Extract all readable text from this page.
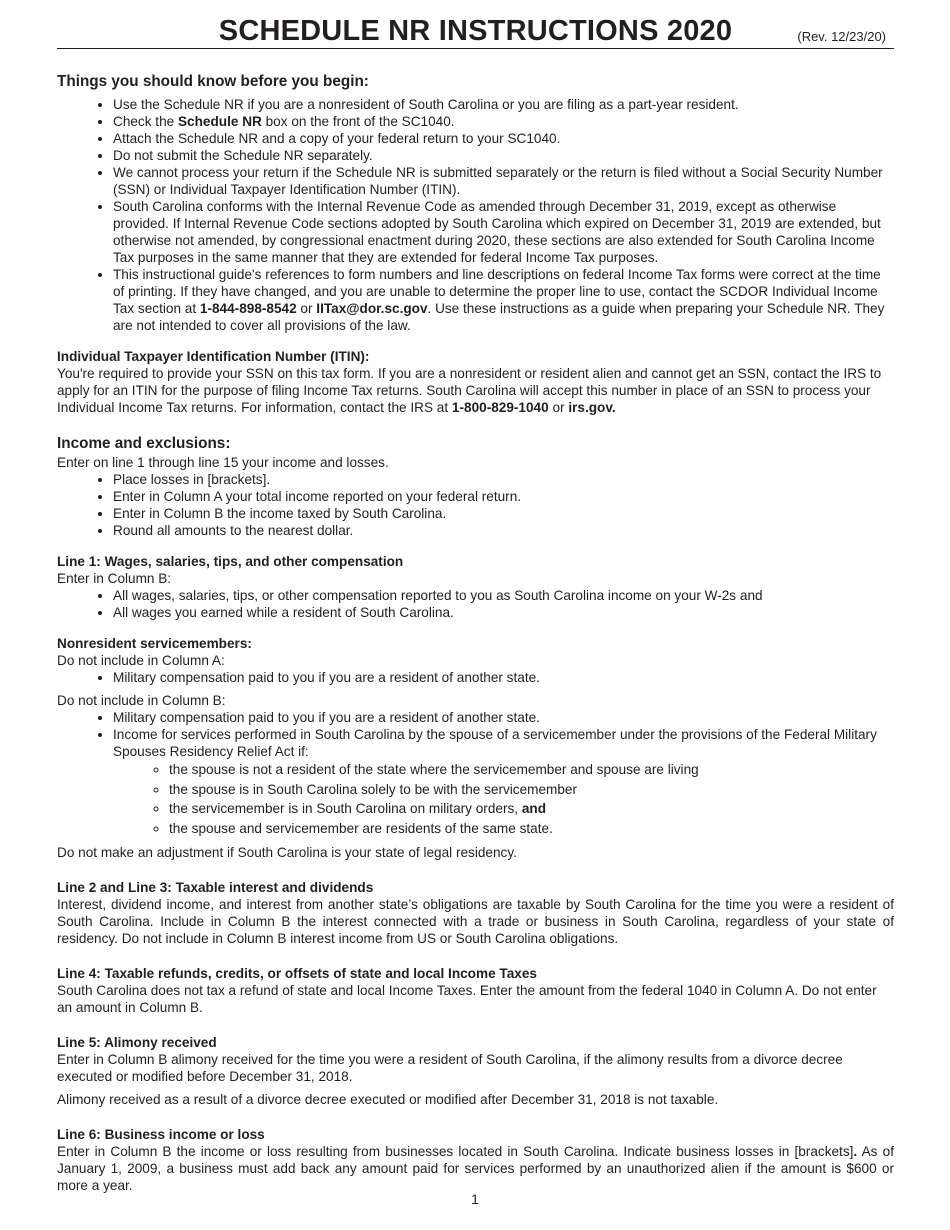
SCHEDULE NR INSTRUCTIONS 2020	(Rev. 12/23/20)
Things you should know before you begin:
• Use the Schedule NR if you are a nonresident of South Carolina or you are filing as a part-year resident.
• Check the Schedule NR box on the front of the SC1040.
• Attach the Schedule NR and a copy of your federal return to your SC1040.
• Do not submit the Schedule NR separately.
• We cannot process your return if the Schedule NR is submitted separately or the return is filed without a Social Security Number (SSN) or Individual Taxpayer Identification Number (ITIN).
• South Carolina conforms with the Internal Revenue Code as amended through December 31, 2019, except as otherwise provided. If Internal Revenue Code sections adopted by South Carolina which expired on December 31, 2019 are extended, but otherwise not amended, by congressional enactment during 2020, these sections are also extended for South Carolina Income Tax purposes in the same manner that they are extended for federal Income Tax purposes.
• This instructional guide's references to form numbers and line descriptions on federal Income Tax forms were correct at the time of printing. If they have changed, and you are unable to determine the proper line to use, contact the SCDOR Individual Income Tax section at 1-844-898-8542 or IITax@dor.sc.gov. Use these instructions as a guide when preparing your Schedule NR. They are not intended to cover all provisions of the law.
Individual Taxpayer Identification Number (ITIN):

You're required to provide your SSN on this tax form. If you are a nonresident or resident alien and cannot get an SSN, contact the IRS to apply for an ITIN for the purpose of filing Income Tax returns. South Carolina will accept this number in place of an SSN to process your Individual Income Tax returns. For information, contact the IRS at 1-800-829-1040 or irs.gov.

Income and exclusions:

Enter on line 1 through line 15 your income and losses.

• Place losses in [brackets].
• Enter in Column A your total income reported on your federal return.
• Enter in Column B the income taxed by South Carolina.
• Round all amounts to the nearest dollar.
Line 1: Wages, salaries, tips, and other compensation

Enter in Column B:

• All wages, salaries, tips, or other compensation reported to you as South Carolina income on your W-2s and
• All wages you earned while a resident of South Carolina.
Nonresident servicemembers:

Do not include in Column A:

• Military compensation paid to you if you are a resident of another state.

Do not include in Column B:

• Military compensation paid to you if you are a resident of another state.
• Income for services performed in South Carolina by the spouse of a servicemember under the provisions of the Federal Military Spouses Residency Relief Act if:
◦ the spouse is not a resident of the state where the servicemember and spouse are living
◦ the spouse is in South Carolina solely to be with the servicemember
◦ the servicemember is in South Carolina on military orders, and
◦ the spouse and servicemember are residents of the same state.

Do not make an adjustment if South Carolina is your state of legal residency.

Line 2 and Line 3: Taxable interest and dividends

Interest, dividend income, and interest from another state’s obligations are taxable by South Carolina for the time you were a resident of South Carolina. Include in Column B the interest connected with a trade or business in South Carolina, regardless of your state of residency. Do not include in Column B interest income from US or South Carolina obligations.

Line 4: Taxable refunds, credits, or offsets of state and local Income Taxes

South Carolina does not tax a refund of state and local Income Taxes. Enter the amount from the federal 1040 in Column A. Do not enter an amount in Column B.

Line 5: Alimony received

Enter in Column B alimony received for the time you were a resident of South Carolina, if the alimony results from a divorce decree executed or modified before December 31, 2018.

Alimony received as a result of a divorce decree executed or modified after December 31, 2018 is not taxable.

Line 6: Business income or loss

Enter in Column B the income or loss resulting from businesses located in South Carolina. Indicate business losses in [brackets]. As of January 1, 2009, a business must add back any amount paid for services performed by an unauthorized alien if the amount is $600 or more a year.

1
